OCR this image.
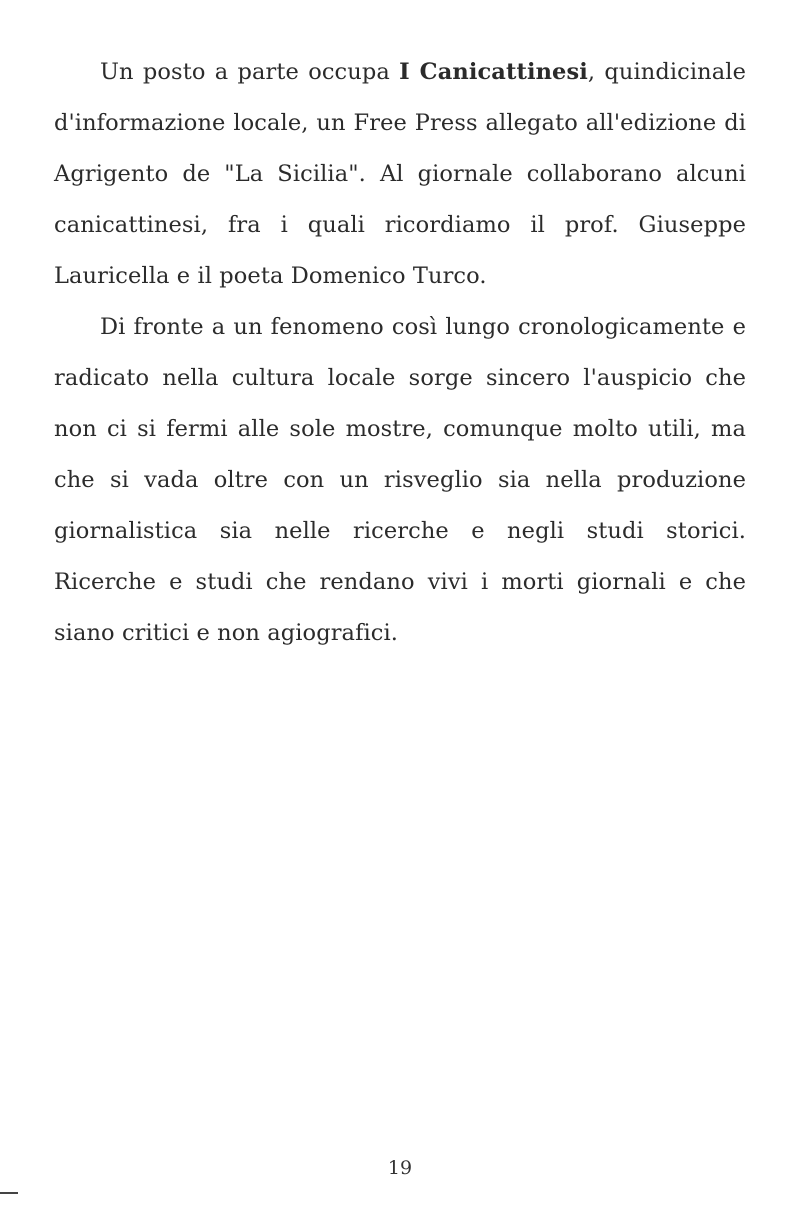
Un posto a parte occupa I Canicattinesi, quindicinale d'informazione locale, un Free Press allegato all'edizione di Agrigento de "La Sicilia". Al giornale collaborano alcuni canicattinesi, fra i quali ricordiamo il prof. Giuseppe Lauricella e il poeta Domenico Turco.

Di fronte a un fenomeno così lungo cronologicamente e radicato nella cultura locale sorge sincero l'auspicio che non ci si fermi alle sole mostre, comunque molto utili, ma che si vada oltre con un risveglio sia nella produzione giornalistica sia nelle ricerche e negli studi storici. Ricerche e studi che rendano vivi i morti giornali e che siano critici e non agiografici.

19
